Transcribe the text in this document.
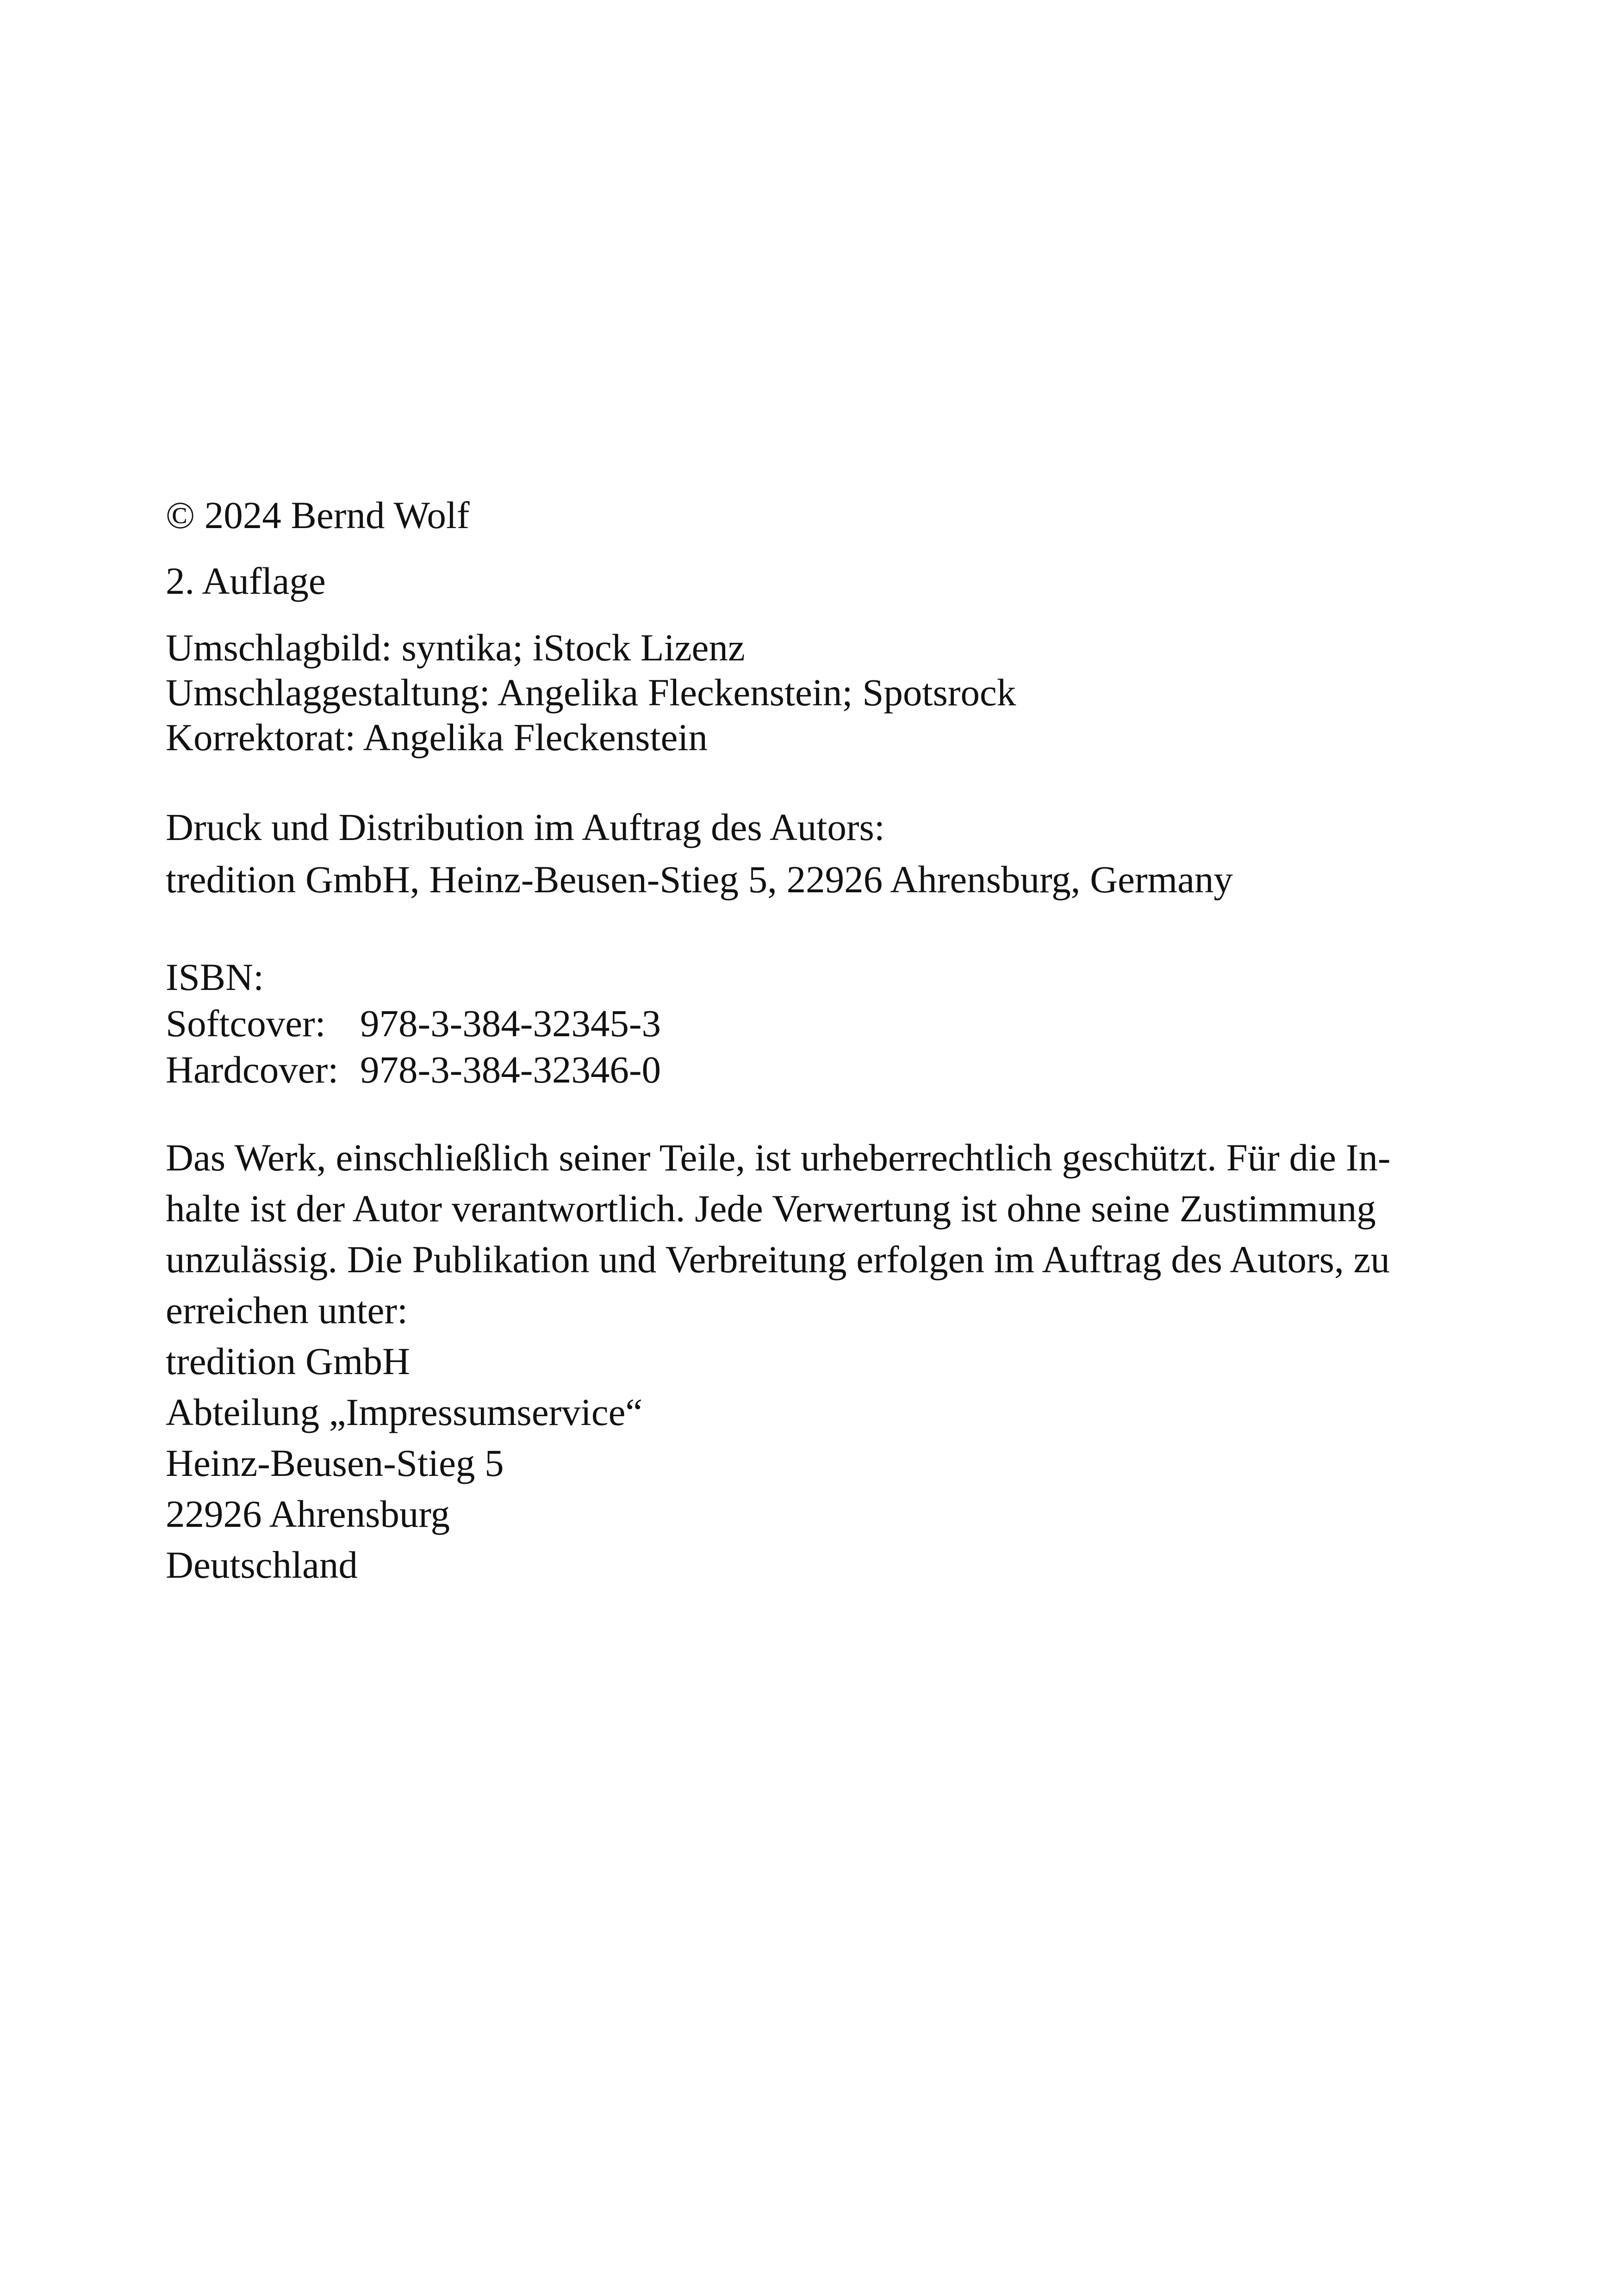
© 2024 Bernd Wolf
2. Auflage
Umschlagbild: syntika; iStock Lizenz
Umschlaggestaltung: Angelika Fleckenstein; Spotsrock
Korrektorat: Angelika Fleckenstein
Druck und Distribution im Auftrag des Autors:
tredition GmbH, Heinz-Beusen-Stieg 5, 22926 Ahrensburg, Germany
ISBN:
Softcover: 978-3-384-32345-3
Hardcover: 978-3-384-32346-0
Das Werk, einschließlich seiner Teile, ist urheberrechtlich geschützt. Für die In-
halte ist der Autor verantwortlich. Jede Verwertung ist ohne seine Zustimmung
unzulässig. Die Publikation und Verbreitung erfolgen im Auftrag des Autors, zu
erreichen unter:
tredition GmbH
Abteilung „Impressumservice“
Heinz-Beusen-Stieg 5
22926 Ahrensburg
Deutschland
